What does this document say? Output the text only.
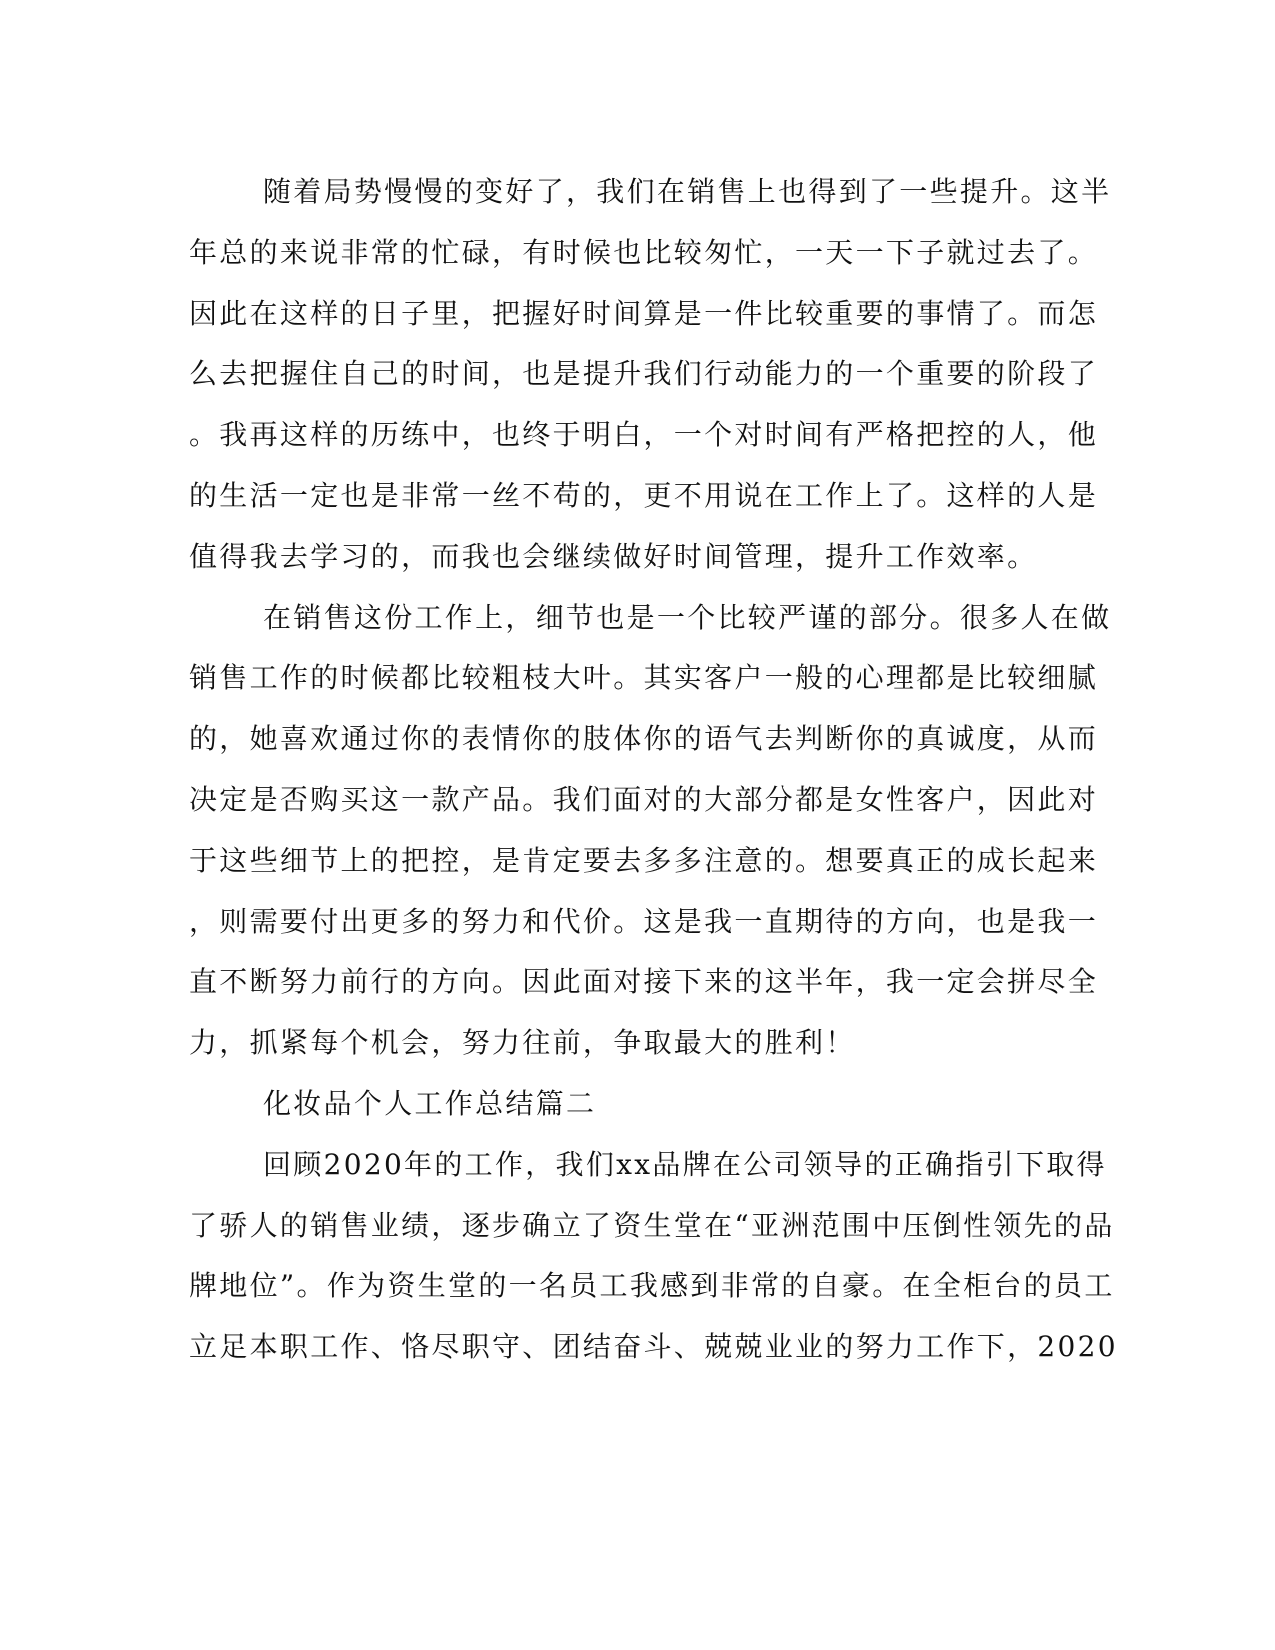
随着局势慢慢的变好了，我们在销售上也得到了一些提升。这半
年总的来说非常的忙碌，有时候也比较匆忙，一天一下子就过去了。
因此在这样的日子里，把握好时间算是一件比较重要的事情了。而怎
么去把握住自己的时间，也是提升我们行动能力的一个重要的阶段了
。我再这样的历练中，也终于明白，一个对时间有严格把控的人，他
的生活一定也是非常一丝不苟的，更不用说在工作上了。这样的人是
值得我去学习的，而我也会继续做好时间管理，提升工作效率。
在销售这份工作上，细节也是一个比较严谨的部分。很多人在做
销售工作的时候都比较粗枝大叶。其实客户一般的心理都是比较细腻
的，她喜欢通过你的表情你的肢体你的语气去判断你的真诚度，从而
决定是否购买这一款产品。我们面对的大部分都是女性客户，因此对
于这些细节上的把控，是肯定要去多多注意的。想要真正的成长起来
，则需要付出更多的努力和代价。这是我一直期待的方向，也是我一
直不断努力前行的方向。因此面对接下来的这半年，我一定会拼尽全
力，抓紧每个机会，努力往前，争取最大的胜利！
化妆品个人工作总结篇二
回顾2020年的工作，我们xx品牌在公司领导的正确指引下取得
了骄人的销售业绩，逐步确立了资生堂在“亚洲范围中压倒性领先的品
牌地位”。作为资生堂的一名员工我感到非常的自豪。在全柜台的员工
立足本职工作、恪尽职守、团结奋斗、兢兢业业的努力工作下，2020
